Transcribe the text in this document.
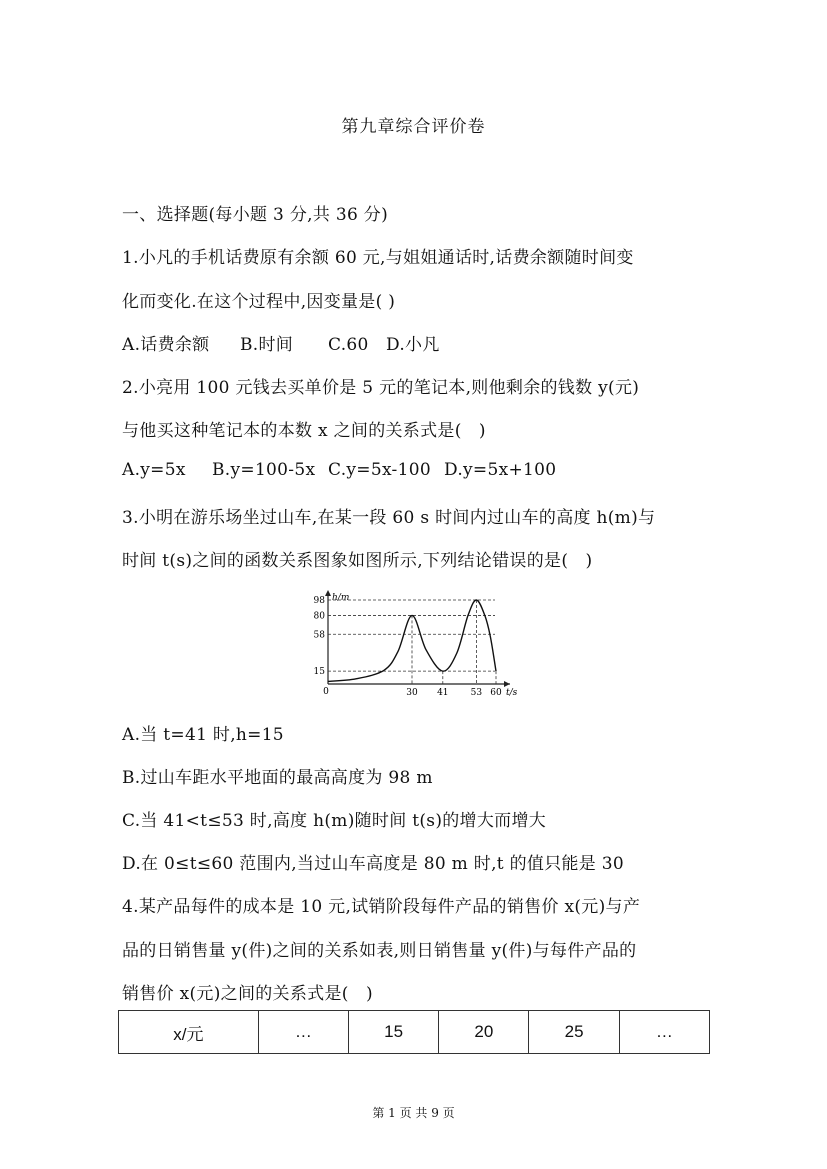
第九章综合评价卷
一、选择题(每小题 3 分,共 36 分)
1.小凡的手机话费原有余额 60 元,与姐姐通话时,话费余额随时间变
化而变化.在这个过程中,因变量是( )
A.话费余额 B.时间 C.60 D.小凡
2.小亮用 100 元钱去买单价是 5 元的笔记本,则他剩余的钱数 y(元)
与他买这种笔记本的本数 x 之间的关系式是(　)
A.y=5x B.y=100-5x C.y=5x-100 D.y=5x+100
3.小明在游乐场坐过山车,在某一段 60 s 时间内过山车的高度 h(m)与
时间 t(s)之间的函数关系图象如图所示,下列结论错误的是(　)
h/m
t/s
0
98
80
58
15
30 41 53 60
A.当 t=41 时,h=15
B.过山车距水平地面的最高高度为 98 m
C.当 41<t≤53 时,高度 h(m)随时间 t(s)的增大而增大
D.在 0≤t≤60 范围内,当过山车高度是 80 m 时,t 的值只能是 30
4.某产品每件的成本是 10 元,试销阶段每件产品的销售价 x(元)与产
品的日销售量 y(件)之间的关系如表,则日销售量 y(件)与每件产品的
销售价 x(元)之间的关系式是(　)
x/元	…	15	20	25	…
第 1 页 共 9 页
